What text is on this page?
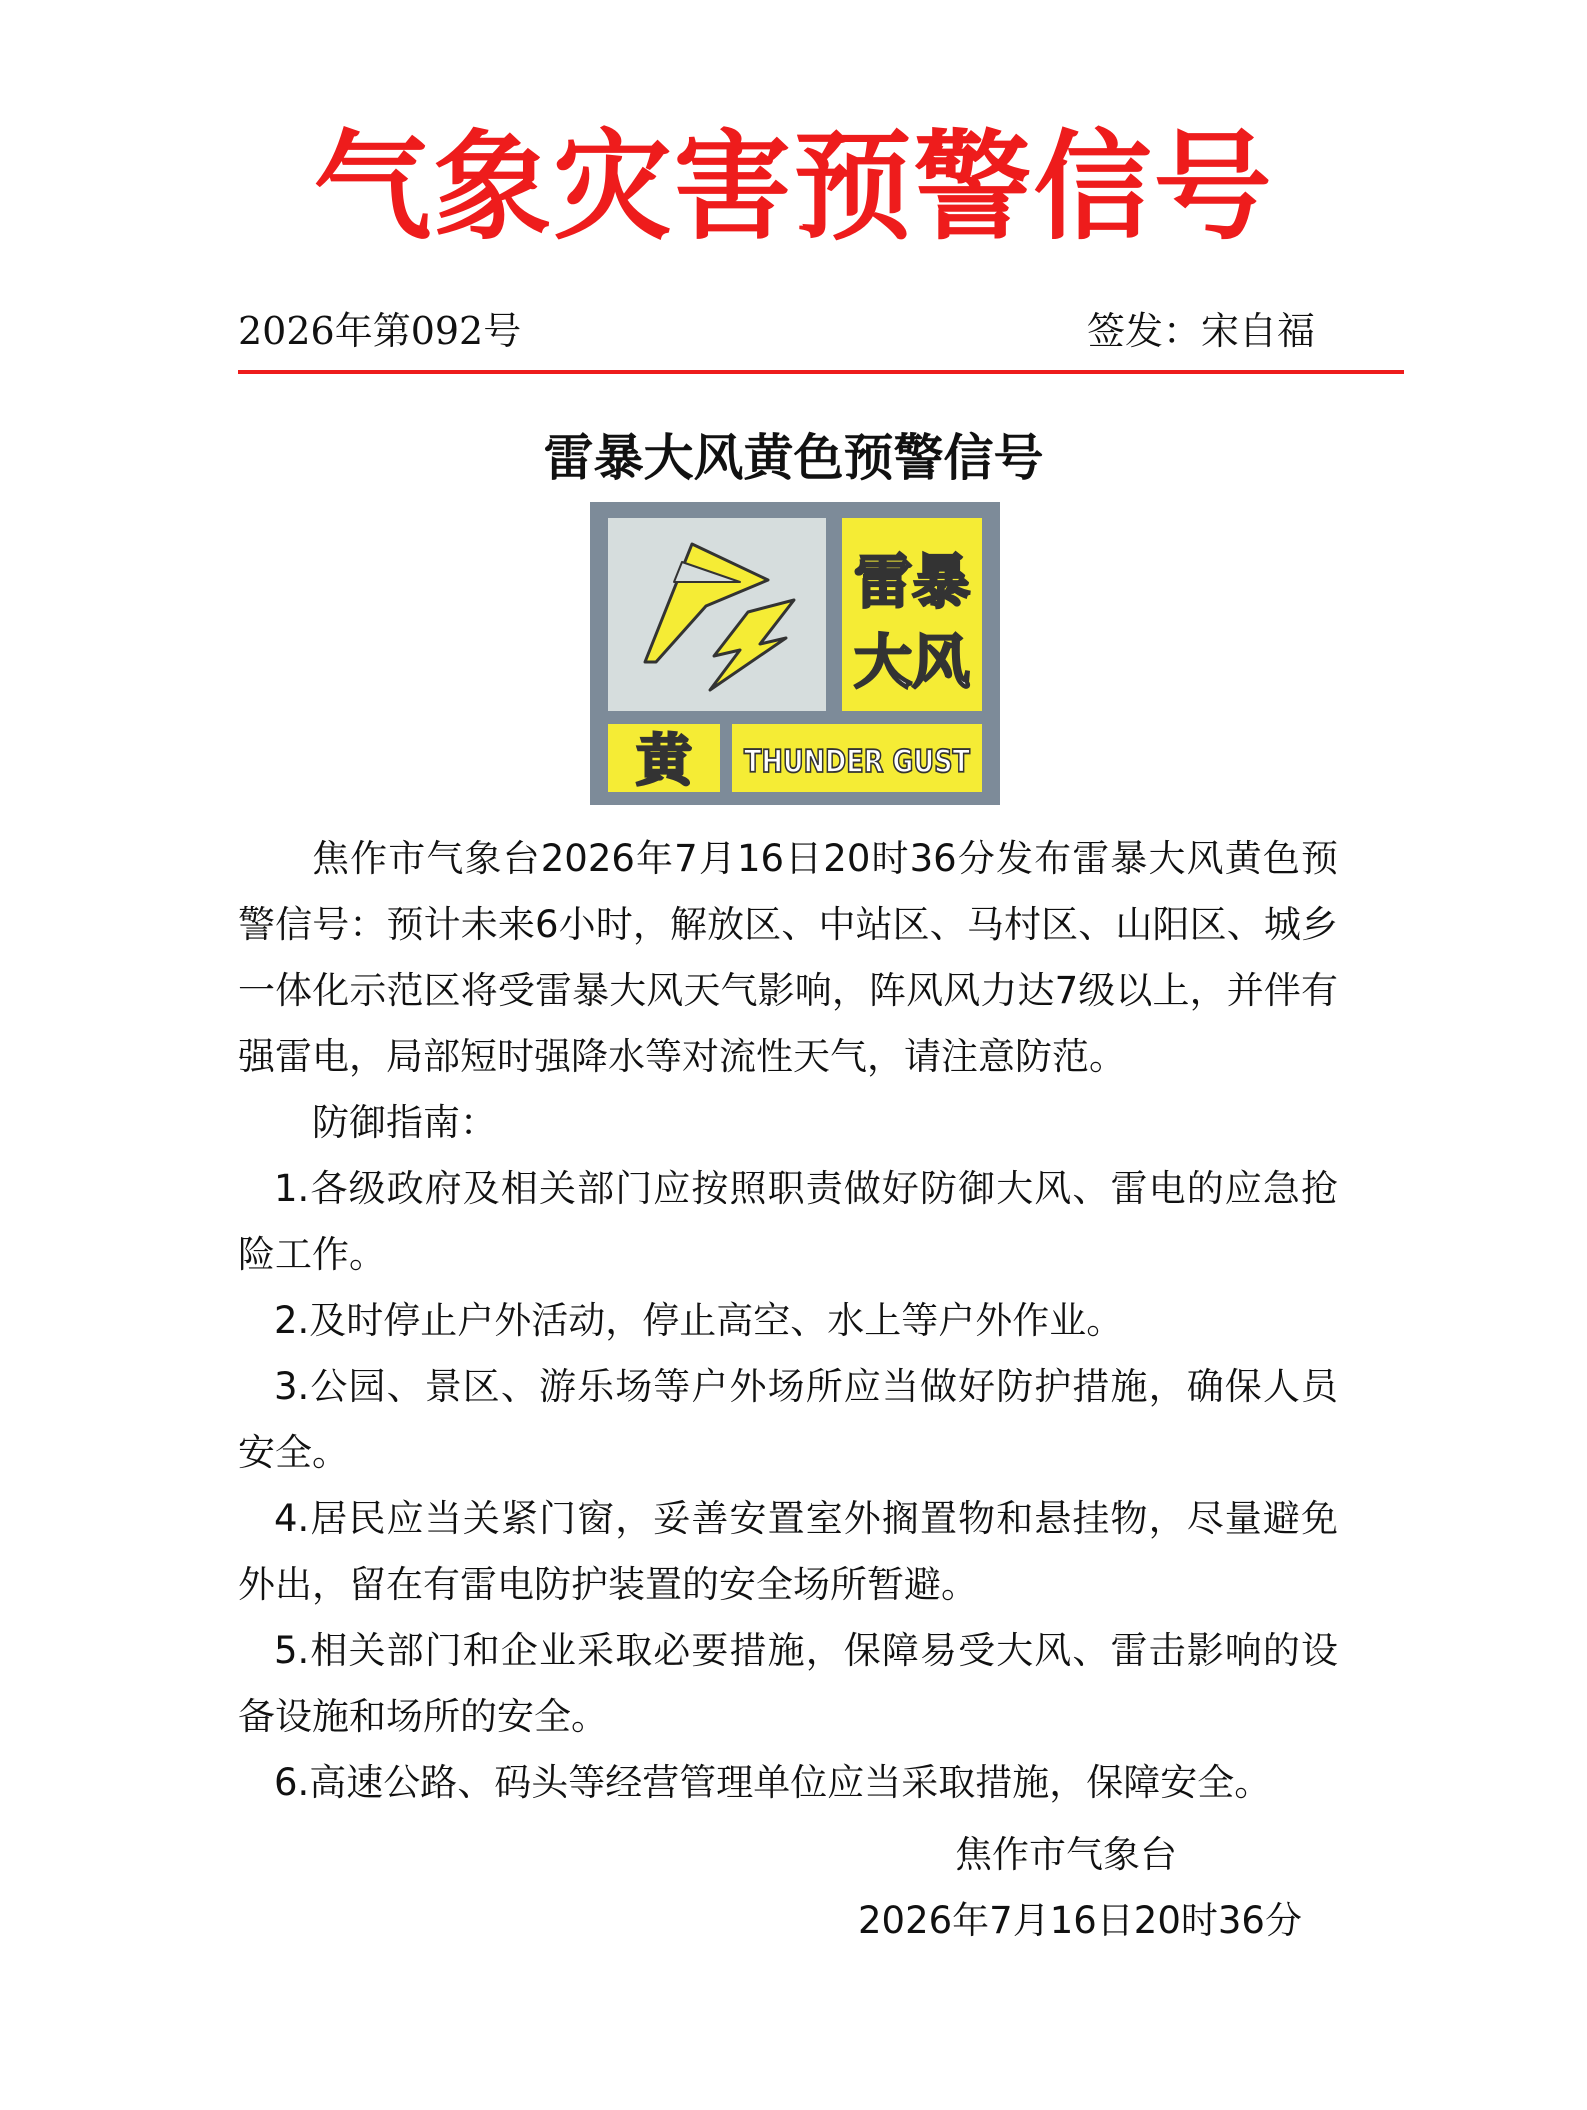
气象灾害预警信号
2026年第092号	签发：宋自福
雷暴大风黄色预警信号
雷暴
大风
黄 THUNDER GUST

焦作市气象台2026年7月16日20时36分发布雷暴大风黄色预警信号：预计未来6小时，解放区、中站区、马村区、山阳区、城乡一体化示范区将受雷暴大风天气影响，阵风风力达7级以上，并伴有强雷电，局部短时强降水等对流性天气，请注意防范。

防御指南：

1.各级政府及相关部门应按照职责做好防御大风、雷电的应急抢险工作。

2.及时停止户外活动，停止高空、水上等户外作业。

3.公园、景区、游乐场等户外场所应当做好防护措施，确保人员安全。

4.居民应当关紧门窗，妥善安置室外搁置物和悬挂物，尽量避免外出，留在有雷电防护装置的安全场所暂避。

5.相关部门和企业采取必要措施，保障易受大风、雷击影响的设备设施和场所的安全。

6.高速公路、码头等经营管理单位应当采取措施，保障安全。

焦作市气象台
2026年7月16日20时36分
